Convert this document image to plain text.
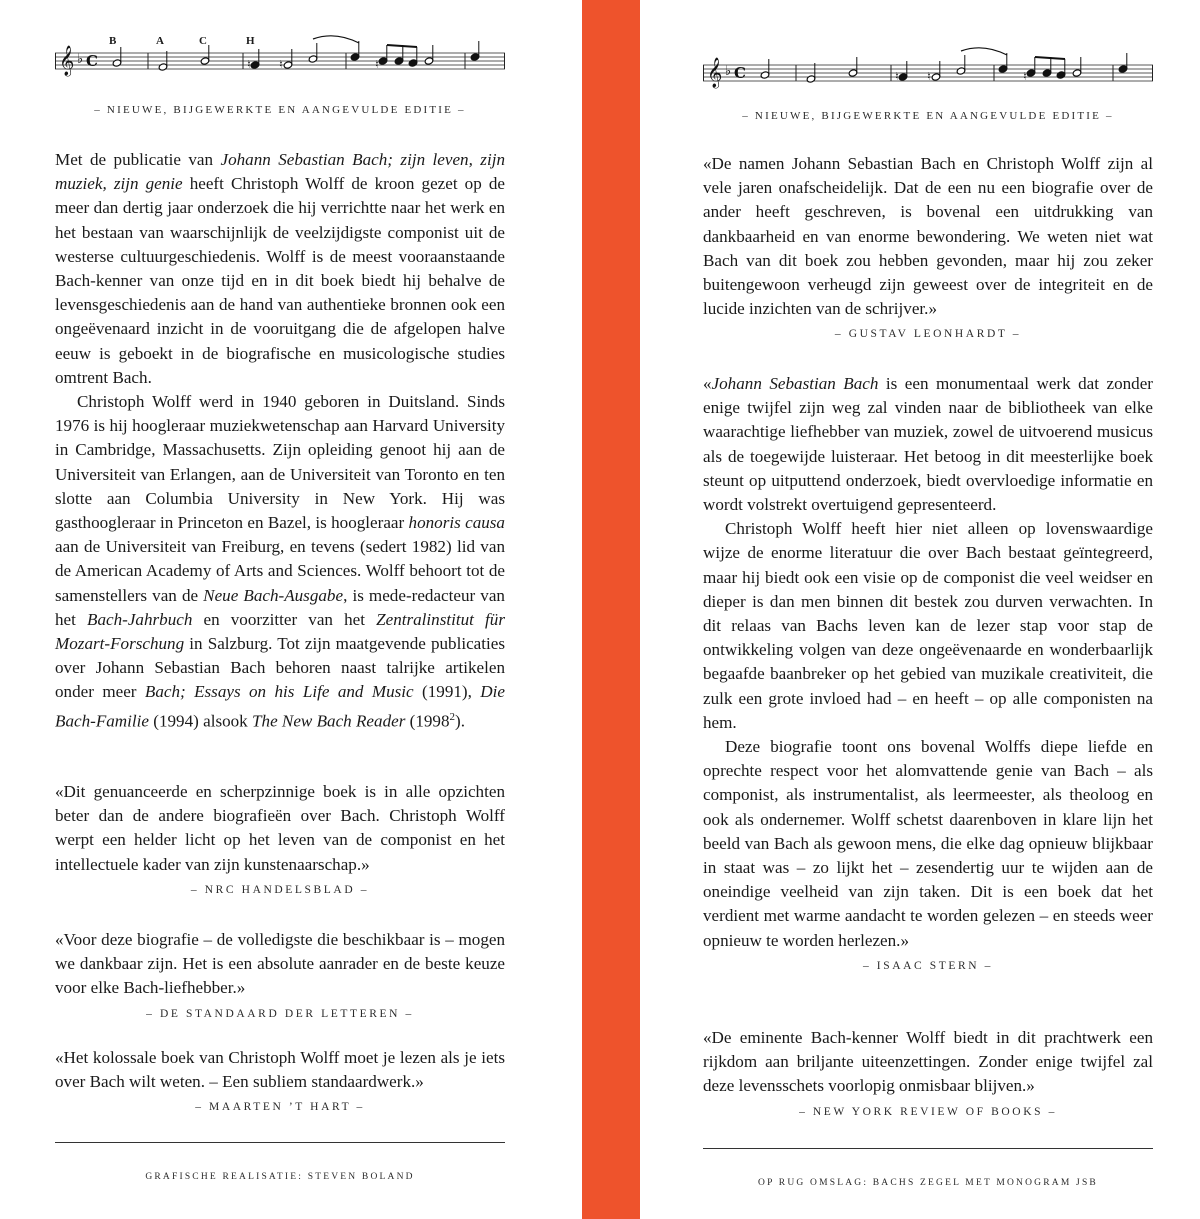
B	A	C	H
𝄞 ♭ C	♮	♮	♮
– NIEUWE, BIJGEWERKTE EN AANGEVULDE EDITIE –

Met de publicatie van Johann Sebastian Bach; zijn leven, zijn muziek, zijn genie heeft Christoph Wolff de kroon gezet op de meer dan dertig jaar onderzoek die hij verrichtte naar het werk en het bestaan van waarschijnlijk de veelzijdigste componist uit de westerse cultuurgeschiedenis. Wolff is de meest vooraanstaande Bach-kenner van onze tijd en in dit boek biedt hij behalve de levensgeschiedenis aan de hand van authentieke bronnen ook een ongeëvenaard inzicht in de vooruitgang die de afgelopen halve eeuw is geboekt in de biografische en musicologische studies omtrent Bach.

Christoph Wolff werd in 1940 geboren in Duitsland. Sinds 1976 is hij hoogleraar muziekwetenschap aan Harvard University in Cambridge, Massachusetts. Zijn opleiding genoot hij aan de Universiteit van Erlangen, aan de Universiteit van Toronto en ten slotte aan Columbia University in New York. Hij was gasthoogleraar in Princeton en Bazel, is hoogleraar honoris causa aan de Universiteit van Freiburg, en tevens (sedert 1982) lid van de American Academy of Arts and Sciences. Wolff behoort tot de samenstellers van de Neue Bach-Ausgabe, is mede-redacteur van het Bach-Jahrbuch en voorzitter van het Zentralinstitut für Mozart-Forschung in Salzburg. Tot zijn maatgevende publicaties over Johann Sebastian Bach behoren naast talrijke artikelen onder meer Bach; Essays on his Life and Music (1991), Die Bach-Familie (1994) alsook The New Bach Reader (1998$^2$).

«Dit genuanceerde en scherpzinnige boek is in alle opzichten beter dan de andere biografieën over Bach. Christoph Wolff werpt een helder licht op het leven van de componist en het intellectuele kader van zijn kunstenaarschap.»
– NRC HANDELSBLAD –
«Voor deze biografie – de volledigste die beschikbaar is – mogen we dankbaar zijn. Het is een absolute aanrader en de beste keuze voor elke Bach-liefhebber.»
– DE STANDAARD DER LETTEREN –
«Het kolossale boek van Christoph Wolff moet je lezen als je iets over Bach wilt weten. – Een subliem standaardwerk.»
– MAARTEN ’T HART –
GRAFISCHE REALISATIE: STEVEN BOLAND
𝄞 ♭ C	♮	♮	♮
– NIEUWE, BIJGEWERKTE EN AANGEVULDE EDITIE –
«De namen Johann Sebastian Bach en Christoph Wolff zijn al vele jaren onafscheidelijk. Dat de een nu een biografie over de ander heeft geschreven, is bovenal een uitdrukking van dankbaarheid en van enorme bewondering. We weten niet wat Bach van dit boek zou hebben gevonden, maar hij zou zeker buitengewoon verheugd zijn geweest over de integriteit en de lucide inzichten van de schrijver.»
– GUSTAV LEONHARDT –
«Johann Sebastian Bach is een monumentaal werk dat zonder enige twijfel zijn weg zal vinden naar de bibliotheek van elke waarachtige liefhebber van muziek, zowel de uitvoerend musicus als de toegewijde luisteraar. Het betoog in dit meesterlijke boek steunt op uitputtend onderzoek, biedt overvloedige informatie en wordt volstrekt overtuigend gepresenteerd.
Christoph Wolff heeft hier niet alleen op lovenswaardige wijze de enorme literatuur die over Bach bestaat geïntegreerd, maar hij biedt ook een visie op de componist die veel weidser en dieper is dan men binnen dit bestek zou durven verwachten. In dit relaas van Bachs leven kan de lezer stap voor stap de ontwikkeling volgen van deze ongeëvenaarde en wonderbaarlijk begaafde baanbreker op het gebied van muzikale creativiteit, die zulk een grote invloed had – en heeft – op alle componisten na hem.
Deze biografie toont ons bovenal Wolffs diepe liefde en oprechte respect voor het alomvattende genie van Bach – als componist, als instrumentalist, als leermeester, als theoloog en ook als ondernemer. Wolff schetst daarenboven in klare lijn het beeld van Bach als gewoon mens, die elke dag opnieuw blijkbaar in staat was – zo lijkt het – zesendertig uur te wijden aan de oneindige veelheid van zijn taken. Dit is een boek dat het verdient met warme aandacht te worden gelezen – en steeds weer opnieuw te worden herlezen.»
– ISAAC STERN –
«De eminente Bach-kenner Wolff biedt in dit prachtwerk een rijkdom aan briljante uiteenzettingen. Zonder enige twijfel zal deze levensschets voorlopig onmisbaar blijven.»
– NEW YORK REVIEW OF BOOKS –
OP RUG OMSLAG: BACHS ZEGEL MET MONOGRAM JSB
